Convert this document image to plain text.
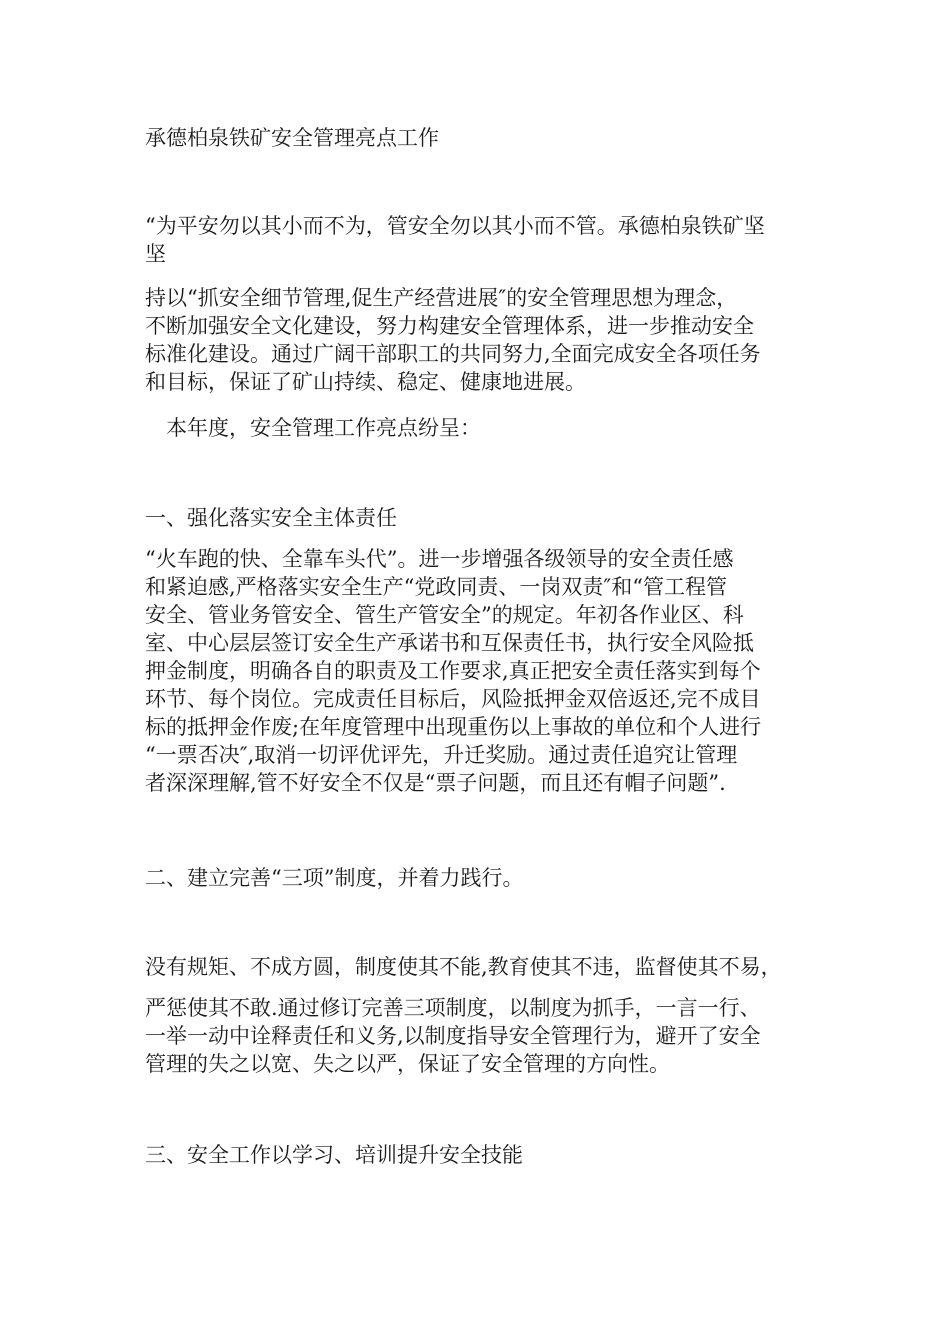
承德柏泉铁矿安全管理亮点工作
“为平安勿以其小而不为，管安全勿以其小而不管。承德柏泉铁矿坚
坚
持以“抓安全细节管理,促生产经营进展″的安全管理思想为理念，
不断加强安全文化建设，努力构建安全管理体系，进一步推动安全
标准化建设。通过广阔干部职工的共同努力,全面完成安全各项任务
和目标，保证了矿山持续、稳定、健康地进展。
本年度，安全管理工作亮点纷呈：
一、强化落实安全主体责任
“火车跑的快、全靠车头代”。进一步增强各级领导的安全责任感
和紧迫感,严格落实安全生产“党政同责、一岗双责″和“管工程管
安全、管业务管安全、管生产管安全”的规定。年初各作业区、科
室、中心层层签订安全生产承诺书和互保责任书，执行安全风险抵
押金制度，明确各自的职责及工作要求,真正把安全责任落实到每个
环节、每个岗位。完成责任目标后，风险抵押金双倍返还,完不成目
标的抵押金作废;在年度管理中出现重伤以上事故的单位和个人进行
“一票否决″,取消一切评优评先，升迁奖励。通过责任追究让管理
者深深理解,管不好安全不仅是“票子问题，而且还有帽子问题”.
二、建立完善“三项”制度，并着力践行。
没有规矩、不成方圆，制度使其不能,教育使其不违，监督使其不易，
严惩使其不敢.通过修订完善三项制度，以制度为抓手，一言一行、
一举一动中诠释责任和义务,以制度指导安全管理行为，避开了安全
管理的失之以宽、失之以严，保证了安全管理的方向性。
三、安全工作以学习、培训提升安全技能
